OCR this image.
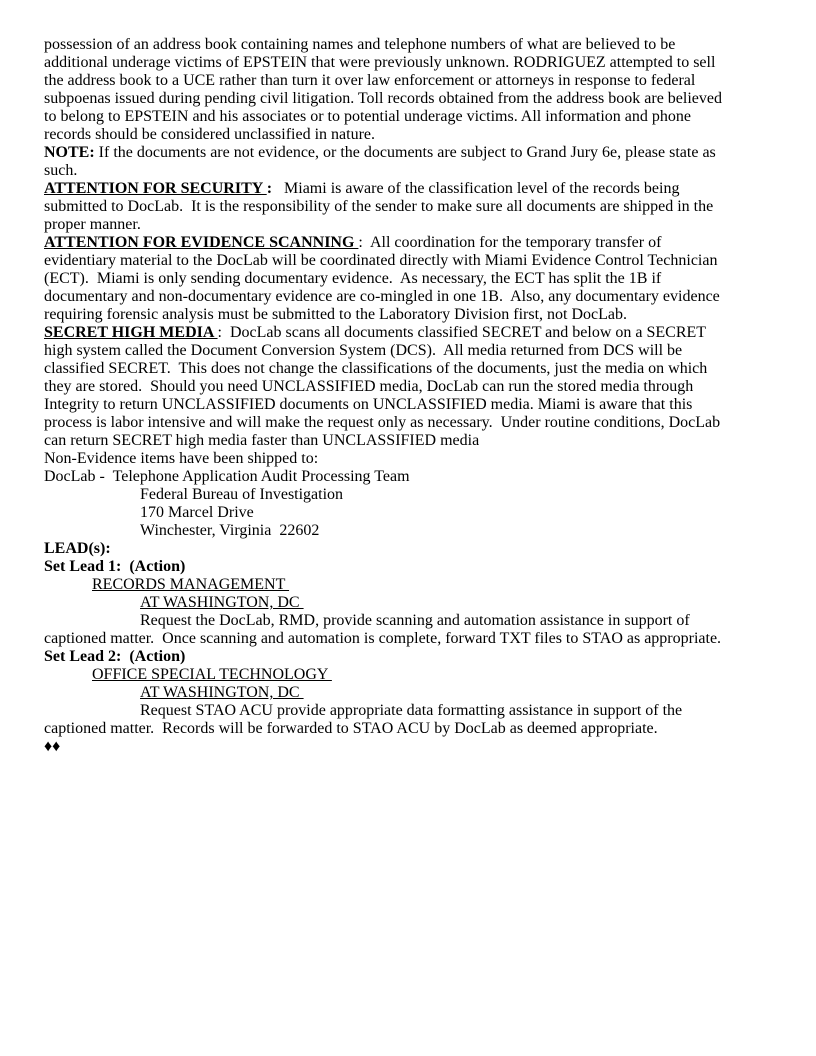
possession of an address book containing names and telephone numbers of what are believed to be additional underage victims of EPSTEIN that were previously unknown. RODRIGUEZ attempted to sell the address book to a UCE rather than turn it over law enforcement or attorneys in response to federal subpoenas issued during pending civil litigation. Toll records obtained from the address book are believed to belong to EPSTEIN and his associates or to potential underage victims. All information and phone records should be considered unclassified in nature.

NOTE: If the documents are not evidence, or the documents are subject to Grand Jury 6e, please state as such.

ATTENTION FOR SECURITY :   Miami is aware of the classification level of the records being submitted to DocLab.  It is the responsibility of the sender to make sure all documents are shipped in the proper manner.

ATTENTION FOR EVIDENCE SCANNING :  All coordination for the temporary transfer of evidentiary material to the DocLab will be coordinated directly with Miami Evidence Control Technician (ECT).  Miami is only sending documentary evidence.  As necessary, the ECT has split the 1B if documentary and non-documentary evidence are co-mingled in one 1B.  Also, any documentary evidence requiring forensic analysis must be submitted to the Laboratory Division first, not DocLab.

SECRET HIGH MEDIA :  DocLab scans all documents classified SECRET and below on a SECRET high system called the Document Conversion System (DCS).  All media returned from DCS will be classified SECRET.  This does not change the classifications of the documents, just the media on which they are stored.  Should you need UNCLASSIFIED media, DocLab can run the stored media through Integrity to return UNCLASSIFIED documents on UNCLASSIFIED media. Miami is aware that this process is labor intensive and will make the request only as necessary.  Under routine conditions, DocLab can return SECRET high media faster than UNCLASSIFIED media

Non-Evidence items have been shipped to:

DocLab -  Telephone Application Audit Processing Team

Federal Bureau of Investigation

170 Marcel Drive

Winchester, Virginia  22602

LEAD(s):

Set Lead 1:  (Action)

RECORDS MANAGEMENT

AT WASHINGTON, DC

Request the DocLab, RMD, provide scanning and automation assistance in support of captioned matter.  Once scanning and automation is complete, forward TXT files to STAO as appropriate.

Set Lead 2:  (Action)

OFFICE SPECIAL TECHNOLOGY

AT WASHINGTON, DC

Request STAO ACU provide appropriate data formatting assistance in support of the captioned matter.  Records will be forwarded to STAO ACU by DocLab as deemed appropriate.

♦♦
